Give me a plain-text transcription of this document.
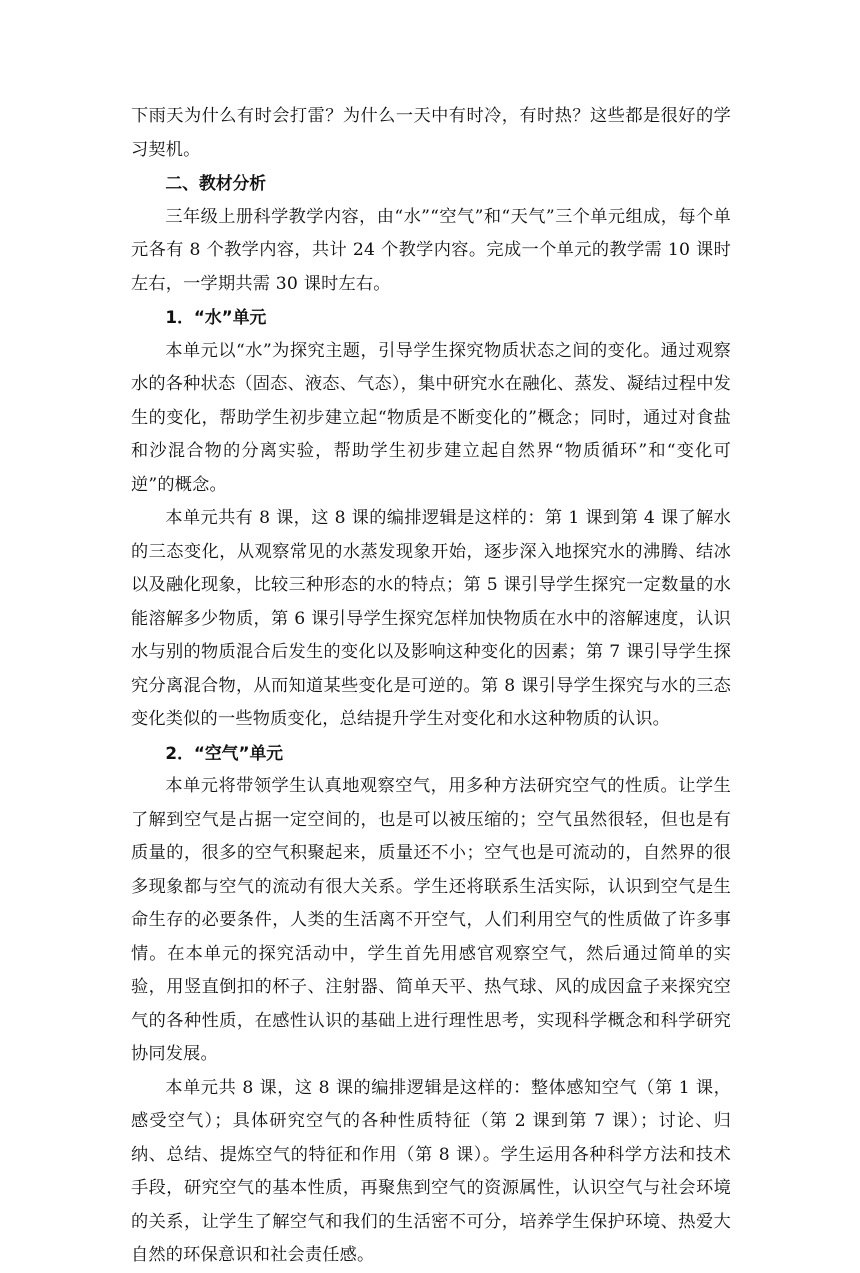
下雨天为什么有时会打雷？为什么一天中有时冷，有时热？这些都是很好的学习契机。

二、教材分析

三年级上册科学教学内容，由“水”“空气”和“天气”三个单元组成，每个单元各有 8 个教学内容，共计 24 个教学内容。完成一个单元的教学需 10 课时左右，一学期共需 30 课时左右。

1．“水”单元

本单元以“水”为探究主题，引导学生探究物质状态之间的变化。通过观察水的各种状态（固态、液态、气态），集中研究水在融化、蒸发、凝结过程中发生的变化，帮助学生初步建立起“物质是不断变化的”概念；同时，通过对食盐和沙混合物的分离实验，帮助学生初步建立起自然界“物质循环”和“变化可逆”的概念。

本单元共有 8 课，这 8 课的编排逻辑是这样的：第 1 课到第 4 课了解水的三态变化，从观察常见的水蒸发现象开始，逐步深入地探究水的沸腾、结冰以及融化现象，比较三种形态的水的特点；第 5 课引导学生探究一定数量的水能溶解多少物质，第 6 课引导学生探究怎样加快物质在水中的溶解速度，认识水与别的物质混合后发生的变化以及影响这种变化的因素；第 7 课引导学生探究分离混合物，从而知道某些变化是可逆的。第 8 课引导学生探究与水的三态变化类似的一些物质变化，总结提升学生对变化和水这种物质的认识。

2．“空气”单元

本单元将带领学生认真地观察空气，用多种方法研究空气的性质。让学生了解到空气是占据一定空间的，也是可以被压缩的；空气虽然很轻，但也是有质量的，很多的空气积聚起来，质量还不小；空气也是可流动的，自然界的很多现象都与空气的流动有很大关系。学生还将联系生活实际，认识到空气是生命生存的必要条件，人类的生活离不开空气，人们利用空气的性质做了许多事情。在本单元的探究活动中，学生首先用感官观察空气，然后通过简单的实验，用竖直倒扣的杯子、注射器、简单天平、热气球、风的成因盒子来探究空气的各种性质，在感性认识的基础上进行理性思考，实现科学概念和科学研究协同发展。

本单元共 8 课，这 8 课的编排逻辑是这样的：整体感知空气（第 1 课，感受空气）；具体研究空气的各种性质特征（第 2 课到第 7 课）；讨论、归纳、总结、提炼空气的特征和作用（第 8 课）。学生运用各种科学方法和技术手段，研究空气的基本性质，再聚焦到空气的资源属性，认识空气与社会环境的关系，让学生了解空气和我们的生活密不可分，培养学生保护环境、热爱大自然的环保意识和社会责任感。
